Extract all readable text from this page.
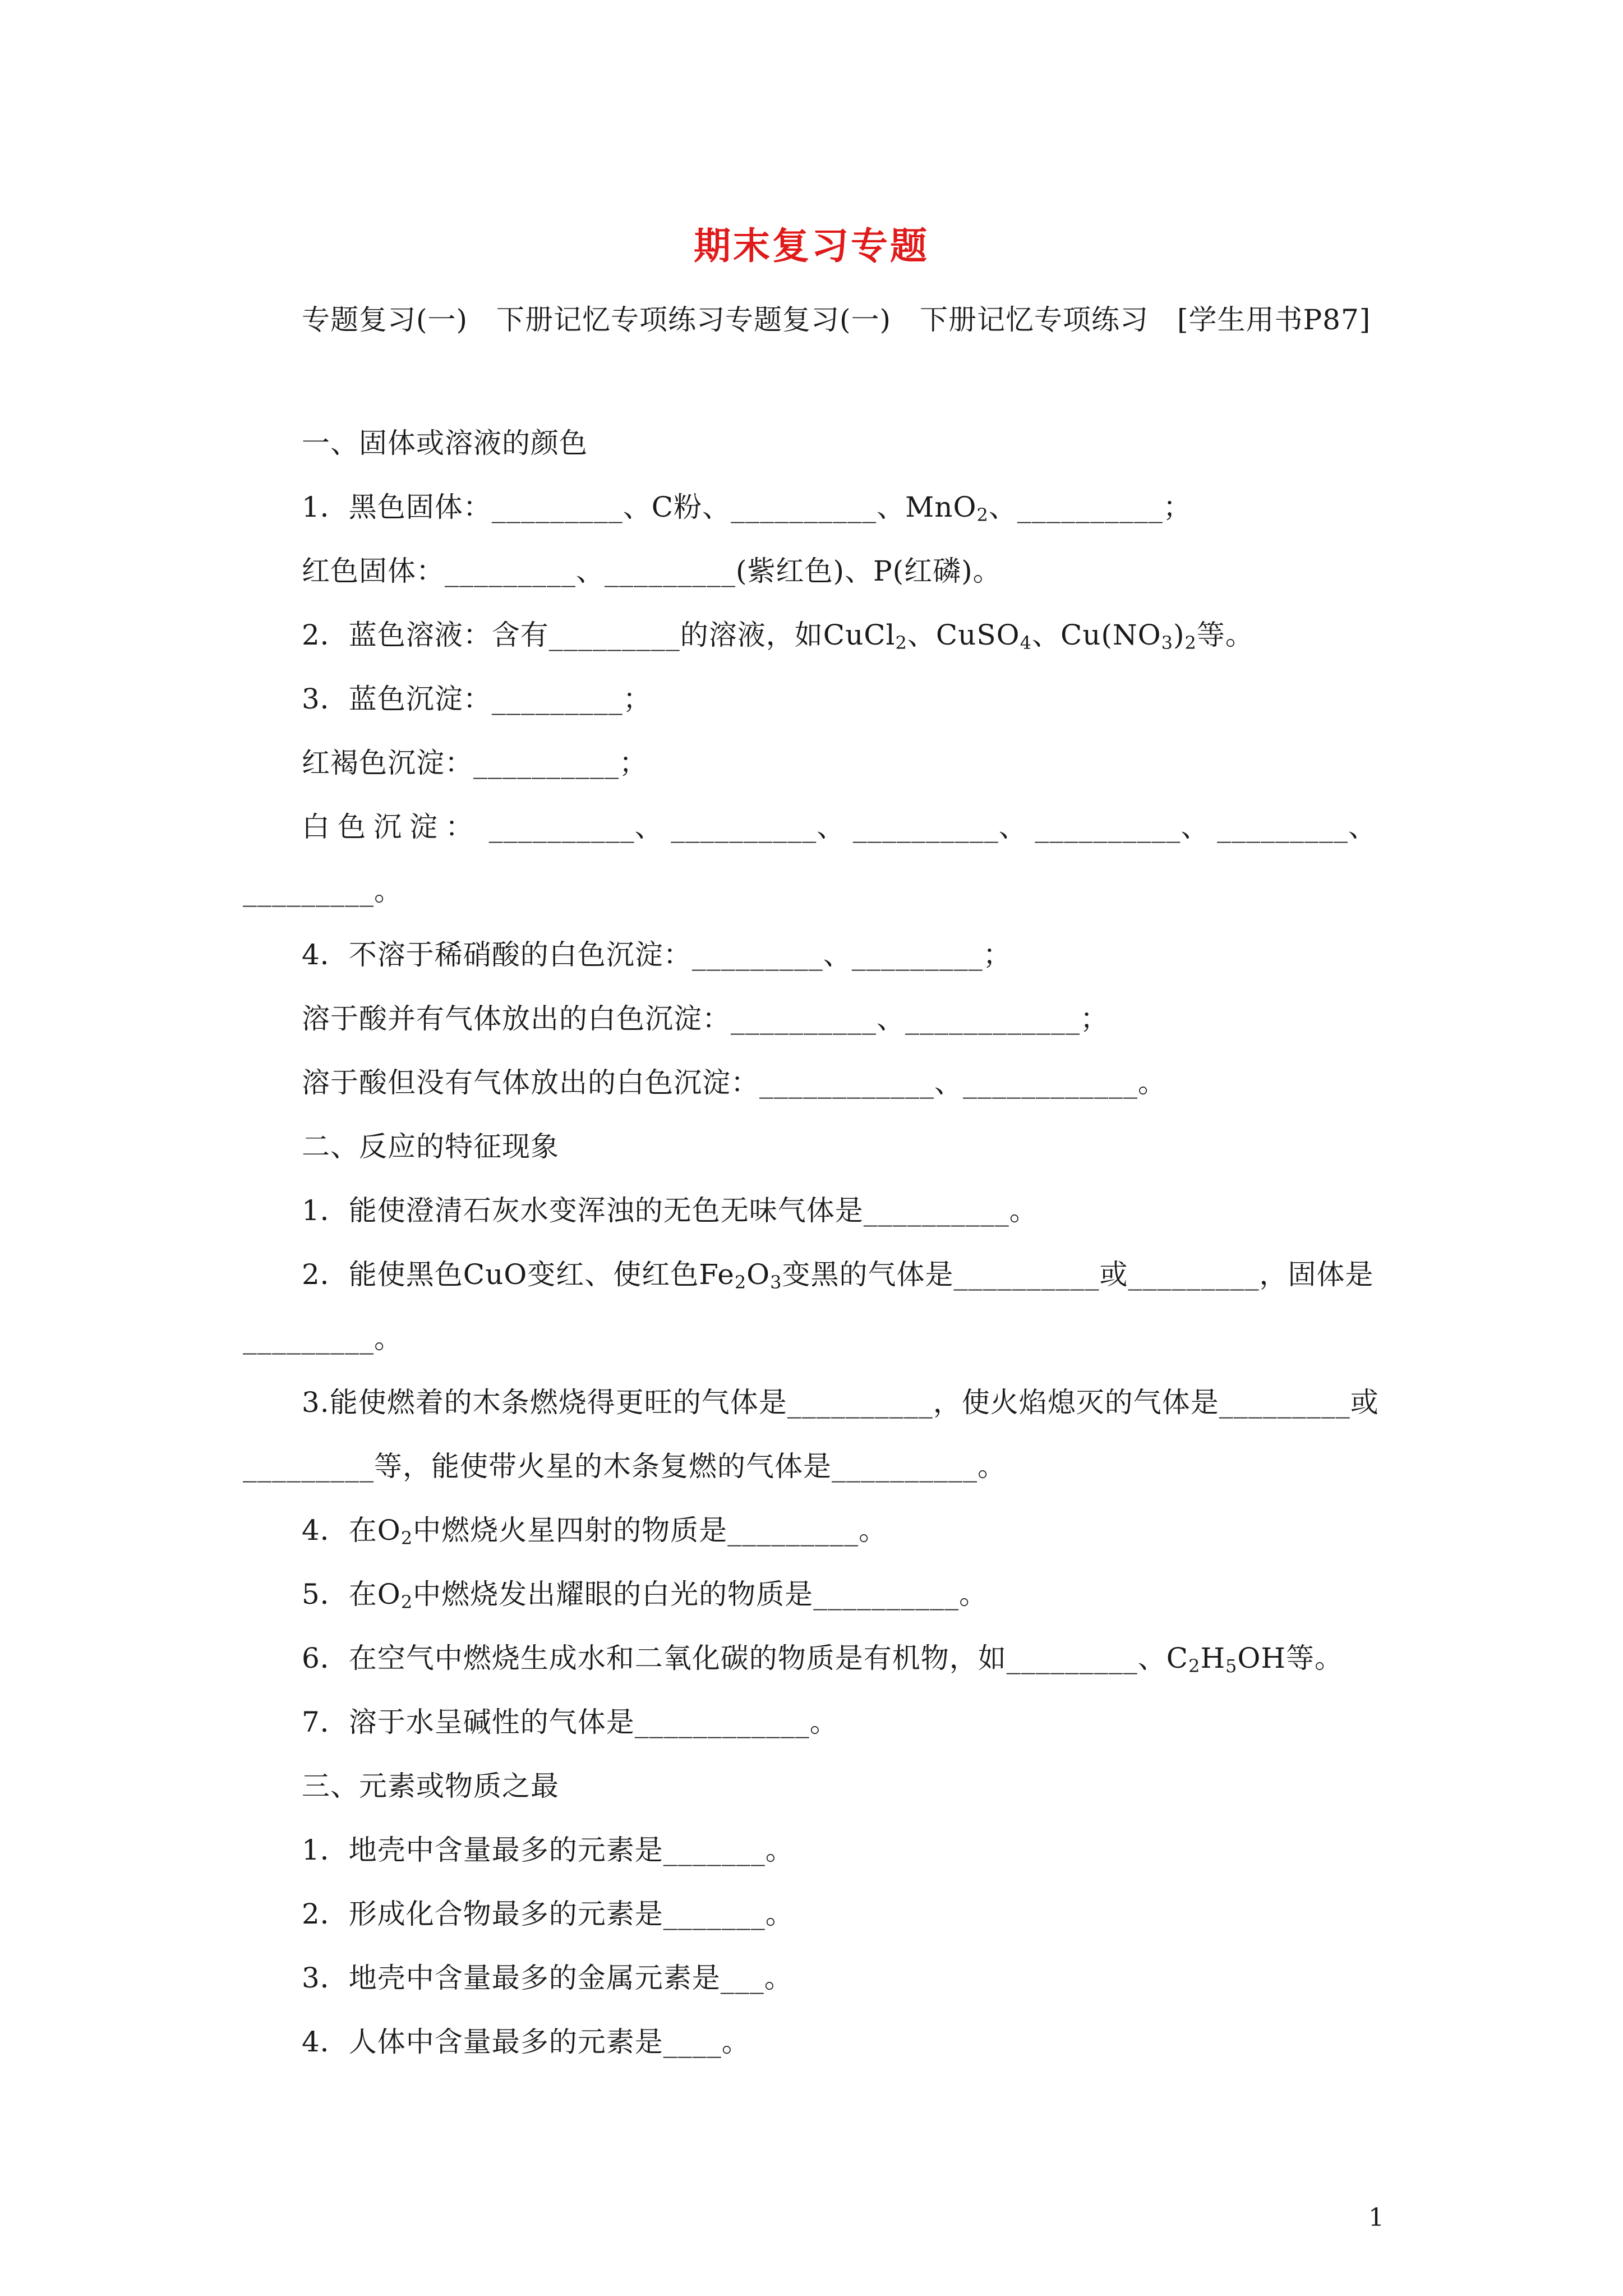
期末复习专题
专题复习(一)　下册记忆专项练习专题复习(一)　下册记忆专项练习　[学生用书P87]
一、固体或溶液的颜色
1．黑色固体：_________、C粉、__________、MnO$_2$、__________；
红色固体：_________、_________(紫红色)、P(红磷)。
2．蓝色溶液：含有_________的溶液，如CuCl$_2$、CuSO$_4$、$Cu(NO_3)_2$等。
3．蓝色沉淀：_________；
红褐色沉淀：__________；
白色沉淀： __________、 __________、 __________、 __________、 _________、
_________。
4．不溶于稀硝酸的白色沉淀：_________、_________；
溶于酸并有气体放出的白色沉淀：__________、____________；
溶于酸但没有气体放出的白色沉淀：____________、____________。
二、反应的特征现象
1．能使澄清石灰水变浑浊的无色无味气体是__________。
2．能使黑色CuO变红、使红色$Fe_2O_3$变黑的气体是__________或_________，固体是
_________。
3.能使燃着的木条燃烧得更旺的气体是__________，使火焰熄灭的气体是_________或
_________等，能使带火星的木条复燃的气体是__________。
4．在$O_2$中燃烧火星四射的物质是_________。
5．在$O_2$中燃烧发出耀眼的白光的物质是__________。
6．在空气中燃烧生成水和二氧化碳的物质是有机物，如_________、$C_2H_5OH$等。
7．溶于水呈碱性的气体是____________。
三、元素或物质之最
1．地壳中含量最多的元素是_______。
2．形成化合物最多的元素是_______。
3．地壳中含量最多的金属元素是___。
4．人体中含量最多的元素是____。
1
